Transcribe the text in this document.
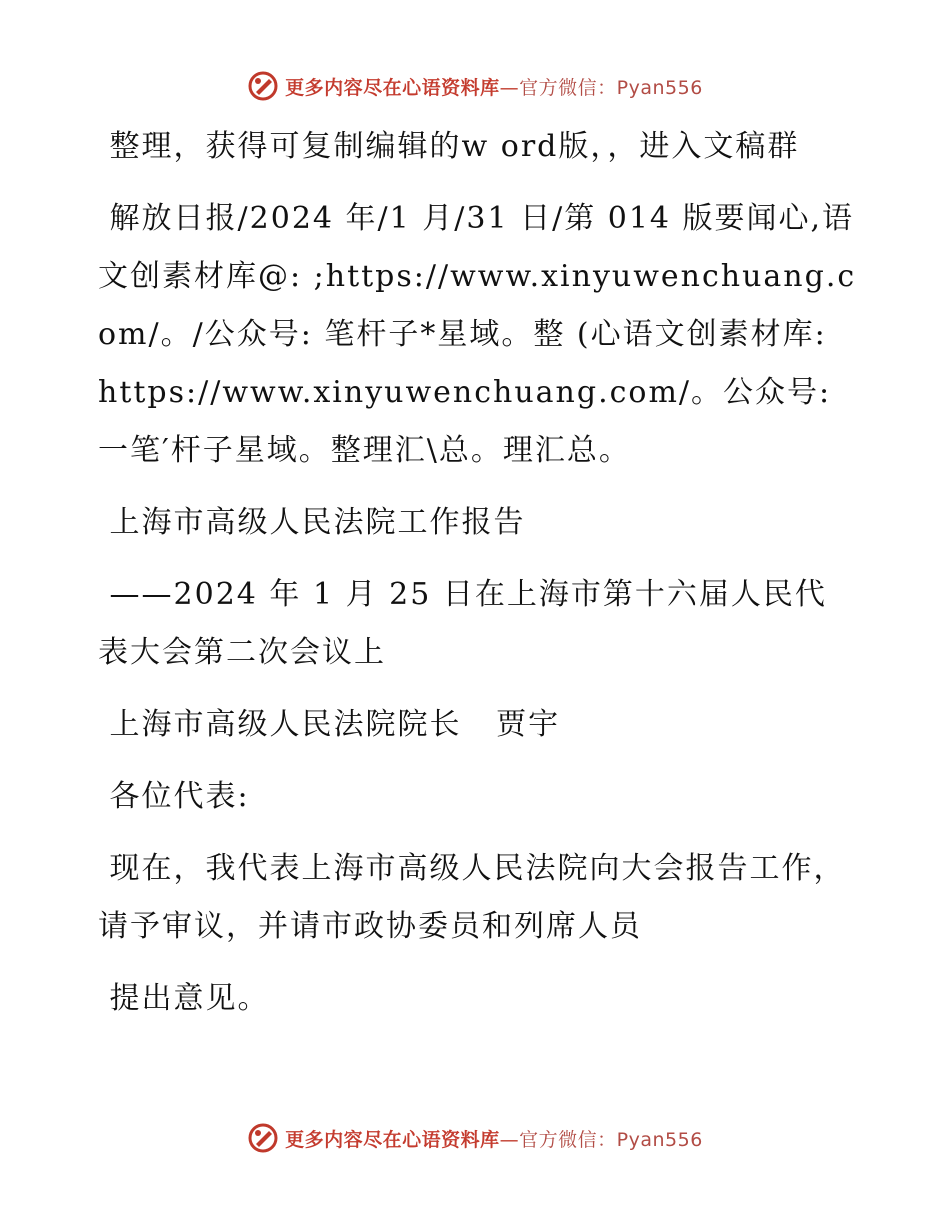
更多内容尽在心语资料库—官方微信：Pyan556

整理，获得可复制编辑的w ord版，，进入文稿群

解放日报/2024 年/1 月/31 日/第 014 版要闻心,语文创素材库@: ;https://www.xinyuwenchuang.com/。/公众号: 笔杆子*星域。整 (心语文创素材库: https://www.xinyuwenchuang.com/。公众号: 一笔′杆子星域。整理汇\总。理汇总。

上海市高级人民法院工作报告

——2024 年 1 月 25 日在上海市第十六届人民代表大会第二次会议上

上海市高级人民法院院长   贾宇

各位代表:

现在，我代表上海市高级人民法院向大会报告工作，请予审议，并请市政协委员和列席人员

提出意见。

更多内容尽在心语资料库—官方微信：Pyan556
